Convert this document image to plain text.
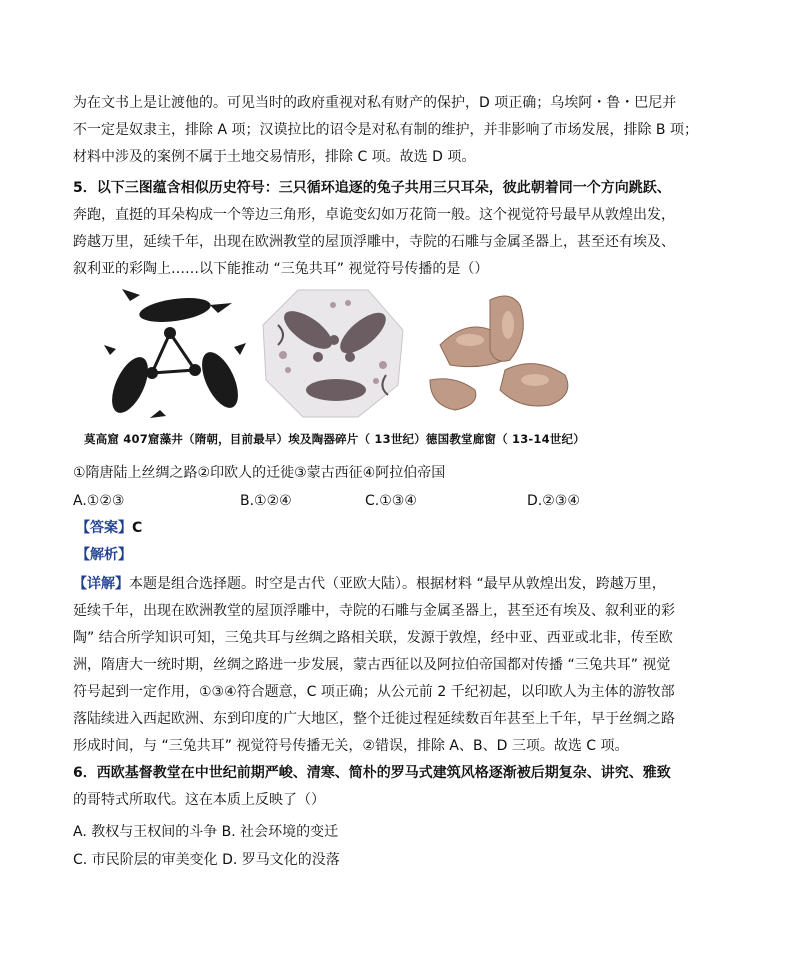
为在文书上是让渡他的。可见当时的政府重视对私有财产的保护，D 项正确；乌埃阿・鲁・巴尼并
不一定是奴隶主，排除 A 项；汉谟拉比的诏令是对私有制的维护，并非影响了市场发展，排除 B 项；
材料中涉及的案例不属于土地交易情形，排除 C 项。故选 D 项。
5．以下三图蕴含相似历史符号：三只循环追逐的兔子共用三只耳朵，彼此朝着同一个方向跳跃、
奔跑，直挺的耳朵构成一个等边三角形，卓诡变幻如万花筒一般。这个视觉符号最早从敦煌出发，
跨越万里，延续千年，出现在欧洲教堂的屋顶浮雕中，寺院的石雕与金属圣器上，甚至还有埃及、
叙利亚的彩陶上……以下能推动 “三兔共耳” 视觉符号传播的是（）
莫高窟 407窟藻井（隋朝，目前最早）埃及陶器碎片（ 13世纪）德国教堂廊窗（ 13-14世纪）
①隋唐陆上丝绸之路②印欧人的迁徙③蒙古西征④阿拉伯帝国
A.①②③	B.①②④	C.①③④	D.②③④
【答案】C
【解析】
【详解】本题是组合选择题。时空是古代（亚欧大陆）。根据材料 “最早从敦煌出发，跨越万里，
延续千年，出现在欧洲教堂的屋顶浮雕中，寺院的石雕与金属圣器上，甚至还有埃及、叙利亚的彩
陶” 结合所学知识可知，三兔共耳与丝绸之路相关联，发源于敦煌，经中亚、西亚或北非，传至欧
洲，隋唐大一统时期，丝绸之路进一步发展，蒙古西征以及阿拉伯帝国都对传播 “三兔共耳” 视觉
符号起到一定作用，①③④符合题意，C 项正确；从公元前 2 千纪初起，以印欧人为主体的游牧部
落陆续进入西起欧洲、东到印度的广大地区，整个迁徙过程延续数百年甚至上千年，早于丝绸之路
形成时间，与 “三兔共耳” 视觉符号传播无关，②错误，排除 A、B、D 三项。故选 C 项。
6．西欧基督教堂在中世纪前期严峻、清寒、简朴的罗马式建筑风格逐渐被后期复杂、讲究、雅致
的哥特式所取代。这在本质上反映了（）
A. 教权与王权间的斗争 B. 社会环境的变迁
C. 市民阶层的审美变化 D. 罗马文化的没落
